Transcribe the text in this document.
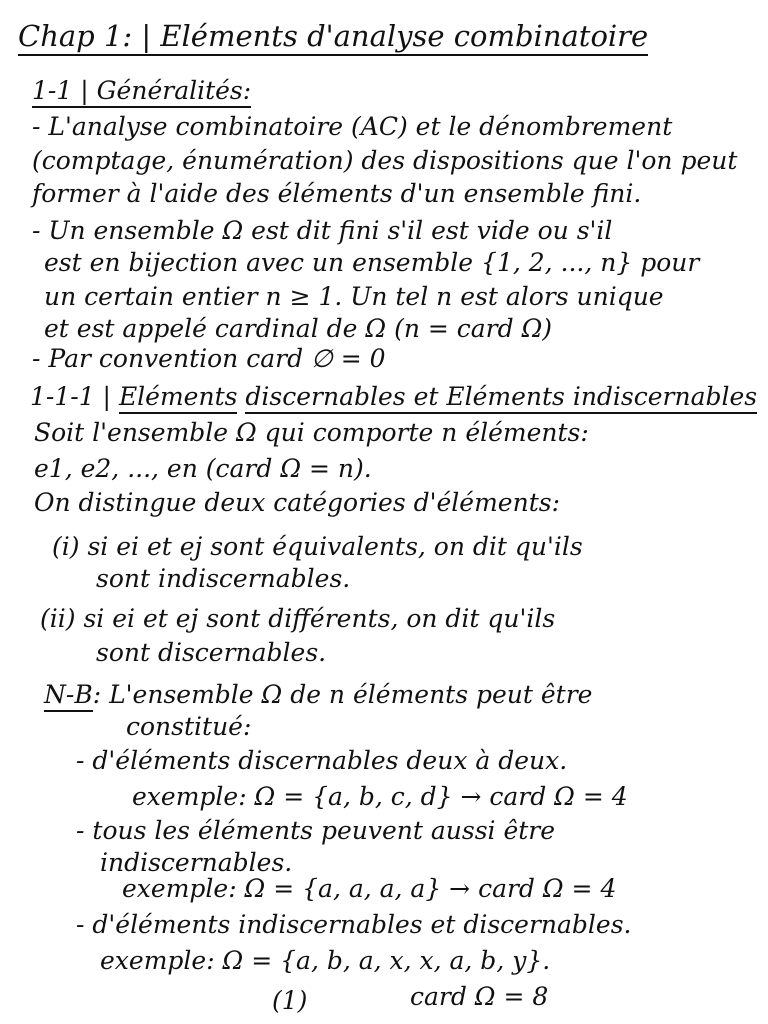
Chap 1: | Eléments d'analyse combinatoire
1-1 | Généralités:
- L'analyse combinatoire (AC) et le dénombrement
(comptage, énumération) des dispositions que l'on peut
former à l'aide des éléments d'un ensemble fini.
- Un ensemble Ω est dit fini s'il est vide ou s'il
est en bijection avec un ensemble {1, 2, ..., n} pour
un certain entier n ≥ 1. Un tel n est alors unique
et est appelé cardinal de Ω (n = card Ω)
- Par convention card ∅ = 0
1-1-1 | Eléments discernables et Eléments indiscernables
Soit l'ensemble Ω qui comporte n éléments:
e1, e2, ..., en (card Ω = n).
On distingue deux catégories d'éléments:
(i) si ei et ej sont équivalents, on dit qu'ils
sont indiscernables.
(ii) si ei et ej sont différents, on dit qu'ils
sont discernables.
N-B: L'ensemble Ω de n éléments peut être
constitué:
- d'éléments discernables deux à deux.
exemple: Ω = {a, b, c, d} → card Ω = 4
- tous les éléments peuvent aussi être
indiscernables.
exemple: Ω = {a, a, a, a} → card Ω = 4
- d'éléments indiscernables et discernables.
exemple: Ω = {a, b, a, x, x, a, b, y}.
(1)	card Ω = 8
